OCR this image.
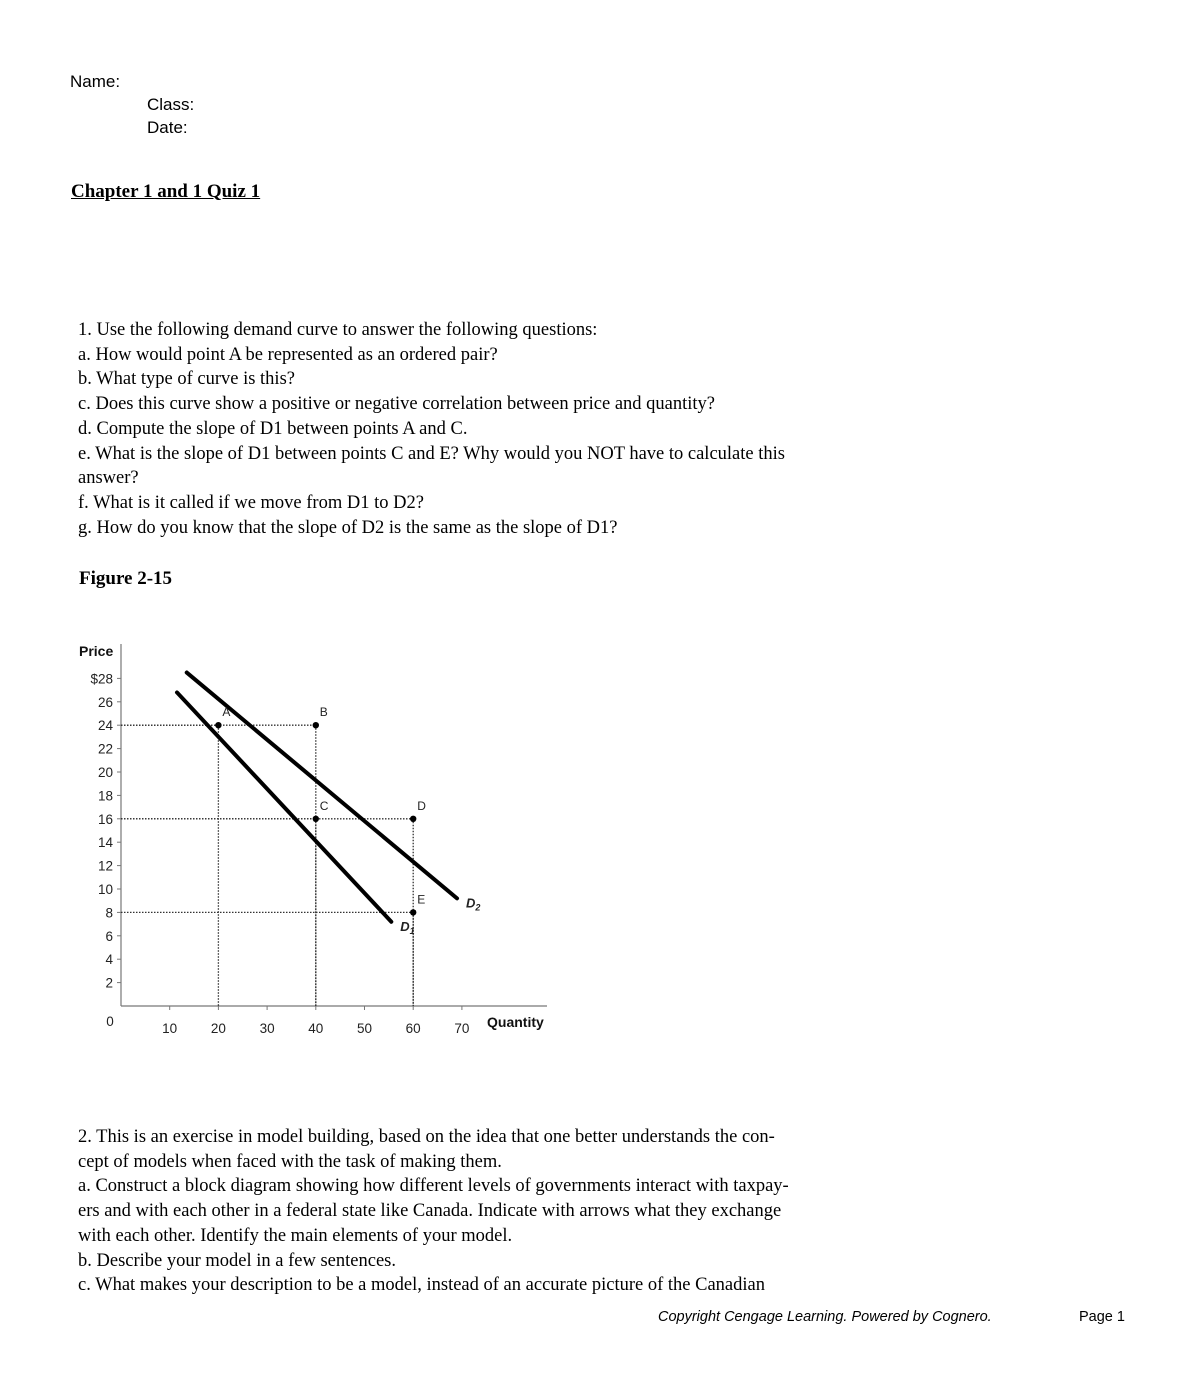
Name:
Class:
Date:
Chapter 1 and 1 Quiz 1
1. Use the following demand curve to answer the following questions:
a. How would point A be represented as an ordered pair?
b. What type of curve is this?
c. Does this curve show a positive or negative correlation between price and quantity?
d. Compute the slope of D1 between points A and C.
e. What is the slope of D1 between points C and E? Why would you NOT have to calculate this
answer?
f. What is it called if we move from D1 to D2?
g. How do you know that the slope of D2 is the same as the slope of D1?
Figure 2-15
Price
Quantity
$28
26
24
22
20
18
16
14
12
10
8
6
4
2
0	10 20 30 40 50 60 70
$D_1$
$D_2$
A	B
C	D
E
2. This is an exercise in model building, based on the idea that one better understands the con-
cept of models when faced with the task of making them.
a. Construct a block diagram showing how different levels of governments interact with taxpay-
ers and with each other in a federal state like Canada. Indicate with arrows what they exchange
with each other. Identify the main elements of your model.
b. Describe your model in a few sentences.
c. What makes your description to be a model, instead of an accurate picture of the Canadian
Copyright Cengage Learning. Powered by Cognero.	Page 1
